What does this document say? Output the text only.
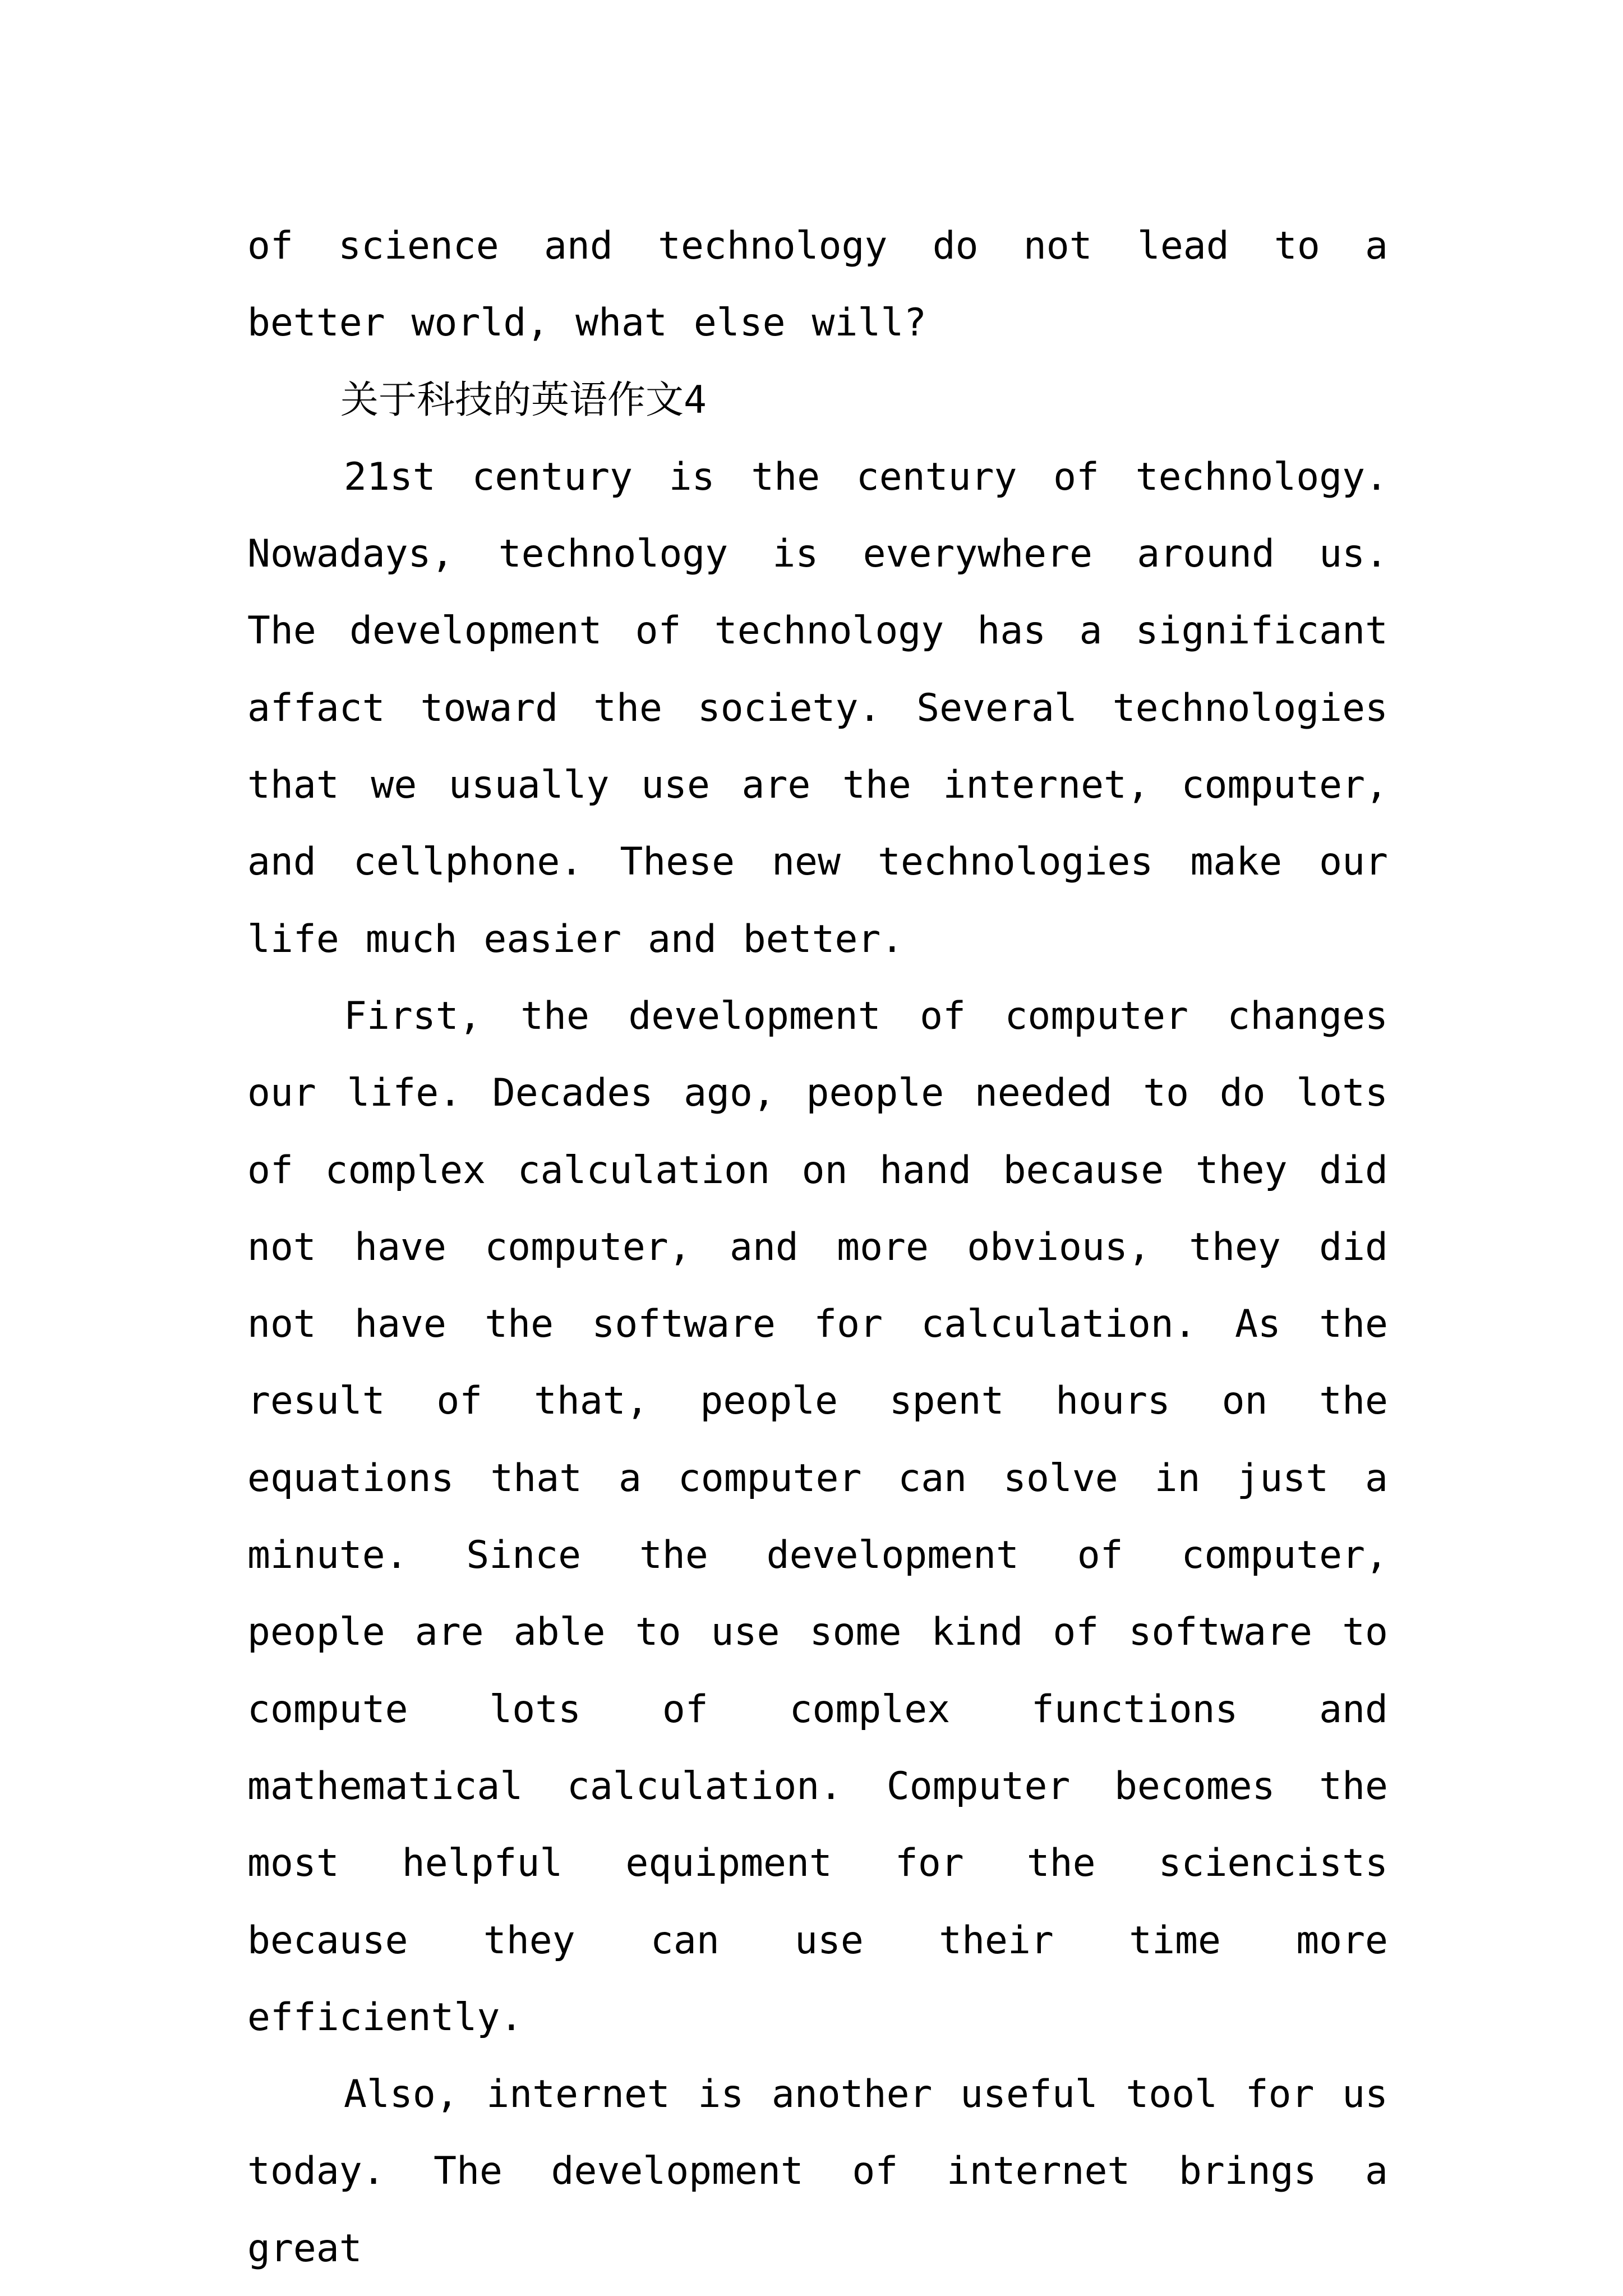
of science and technology do not lead to a better world, what else will?

关于科技的英语作文4

21st century is the century of technology. Nowadays, technology is everywhere around us. The development of technology has a significant affact toward the society. Several technologies that we usually use are the internet, computer, and cellphone. These new technologies make our life much easier and better.

First, the development of computer changes our life. Decades ago, people needed to do lots of complex calculation on hand because they did not have computer, and more obvious, they did not have the software for calculation. As the result of that, people spent hours on the equations that a computer can solve in just a minute. Since the development of computer, people are able to use some kind of software to compute lots of complex functions and mathematical calculation. Computer becomes the most helpful equipment for the sciencists because they can use their time more efficiently.

Also, internet is another useful tool for us today. The development of internet brings a great
